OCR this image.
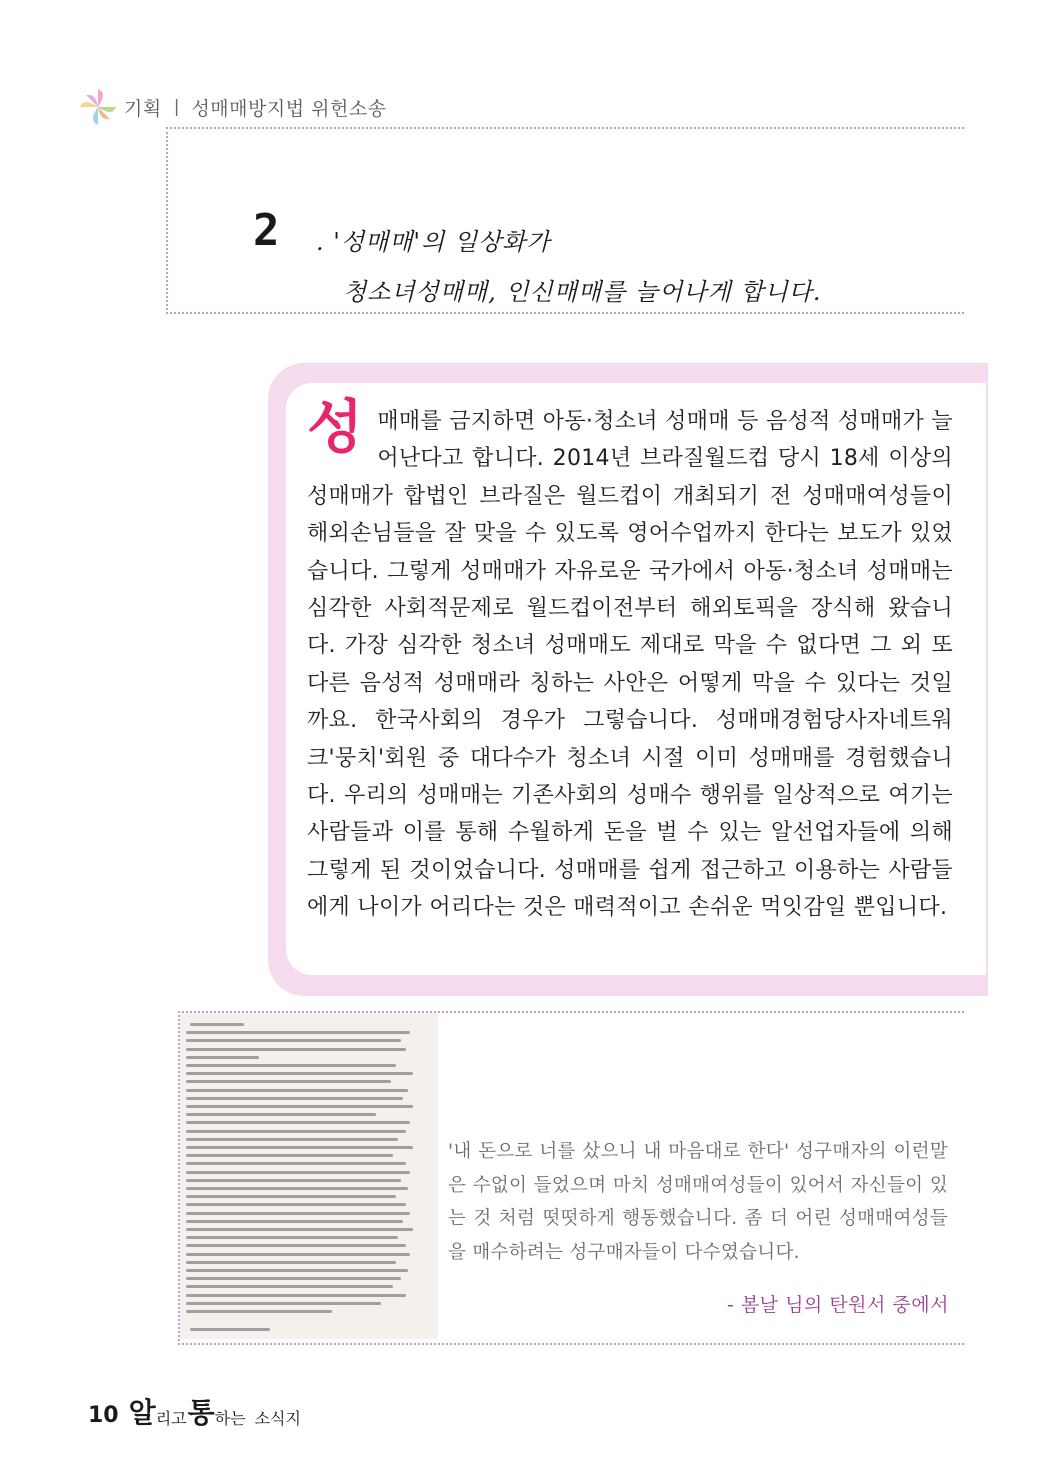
기획 | 성매매방지법 위헌소송
2 . '성매매'의 일상화가
청소녀성매매, 인신매매를 늘어나게 합니다.
성 매매를 금지하면 아동·청소녀 성매매 등 음성적 성매매가 늘어난다고 합니다. 2014년 브라질월드컵 당시 18세 이상의 성매매가 합법인 브라질은 월드컵이 개최되기 전 성매매여성들이 해외손님들을 잘 맞을 수 있도록 영어수업까지 한다는 보도가 있었습니다. 그렇게 성매매가 자유로운 국가에서 아동·청소녀 성매매는 심각한 사회적문제로 월드컵이전부터 해외토픽을 장식해 왔습니다. 가장 심각한 청소녀 성매매도 제대로 막을 수 없다면 그 외 또다른 음성적 성매매라 칭하는 사안은 어떻게 막을 수 있다는 것일까요. 한국사회의 경우가 그렇습니다. 성매매경험당사자네트워크'뭉치'회원 중 대다수가 청소녀 시절 이미 성매매를 경험했습니다. 우리의 성매매는 기존사회의 성매수 행위를 일상적으로 여기는 사람들과 이를 통해 수월하게 돈을 벌 수 있는 알선업자들에 의해 그렇게 된 것이었습니다. 성매매를 쉽게 접근하고 이용하는 사람들에게 나이가 어리다는 것은 매력적이고 손쉬운 먹잇감일 뿐입니다.
'내 돈으로 너를 샀으니 내 마음대로 한다' 성구매자의 이런말은 수없이 들었으며 마치 성매매여성들이 있어서 자신들이 있는 것 처럼 떳떳하게 행동했습니다. 좀 더 어린 성매매여성들을 매수하려는 성구매자들이 다수였습니다.
- 봄날 님의 탄원서 중에서
10 알 리고 통 하는 소식지
